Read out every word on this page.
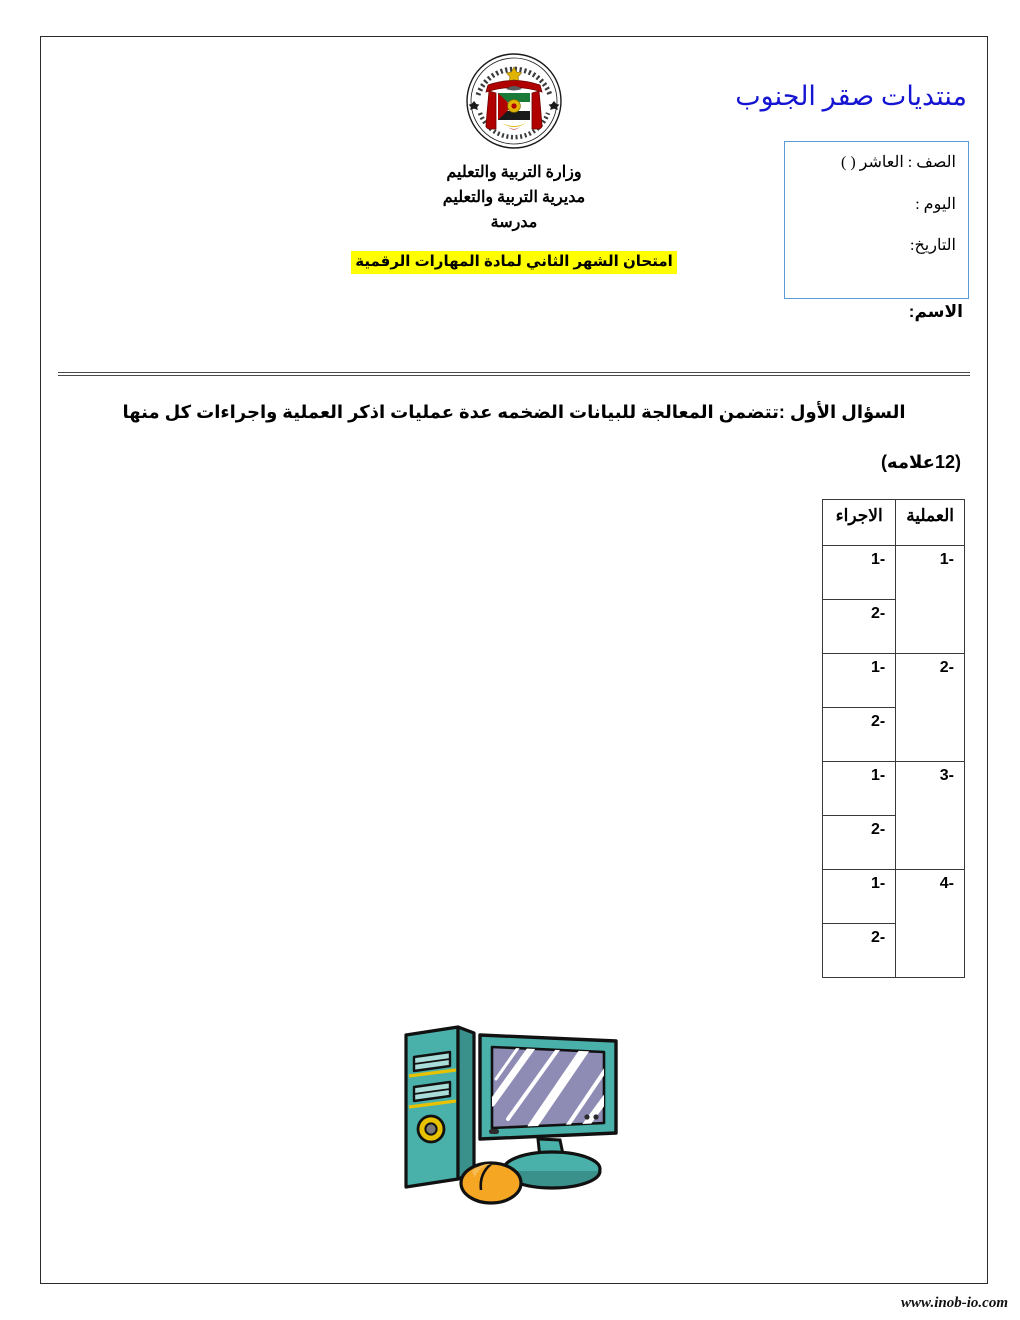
منتديات صقر الجنوب
الصف : العاشر ( )
اليوم :
التاريخ:
وزارة التربية والتعليم
مديرية التربية والتعليم
مدرسة
امتحان الشهر الثاني لمادة المهارات الرقمية
الاسم:
السؤال الأول :تتضمن المعالجة للبيانات الضخمه عدة عمليات اذكر العملية واجراءات كل منها
(12علامه)
العملية	الاجراء
-1	-1
	-2
-2	-1
	-2
-3	-1
	-2
-4	-1
	-2
www.inob-io.com
